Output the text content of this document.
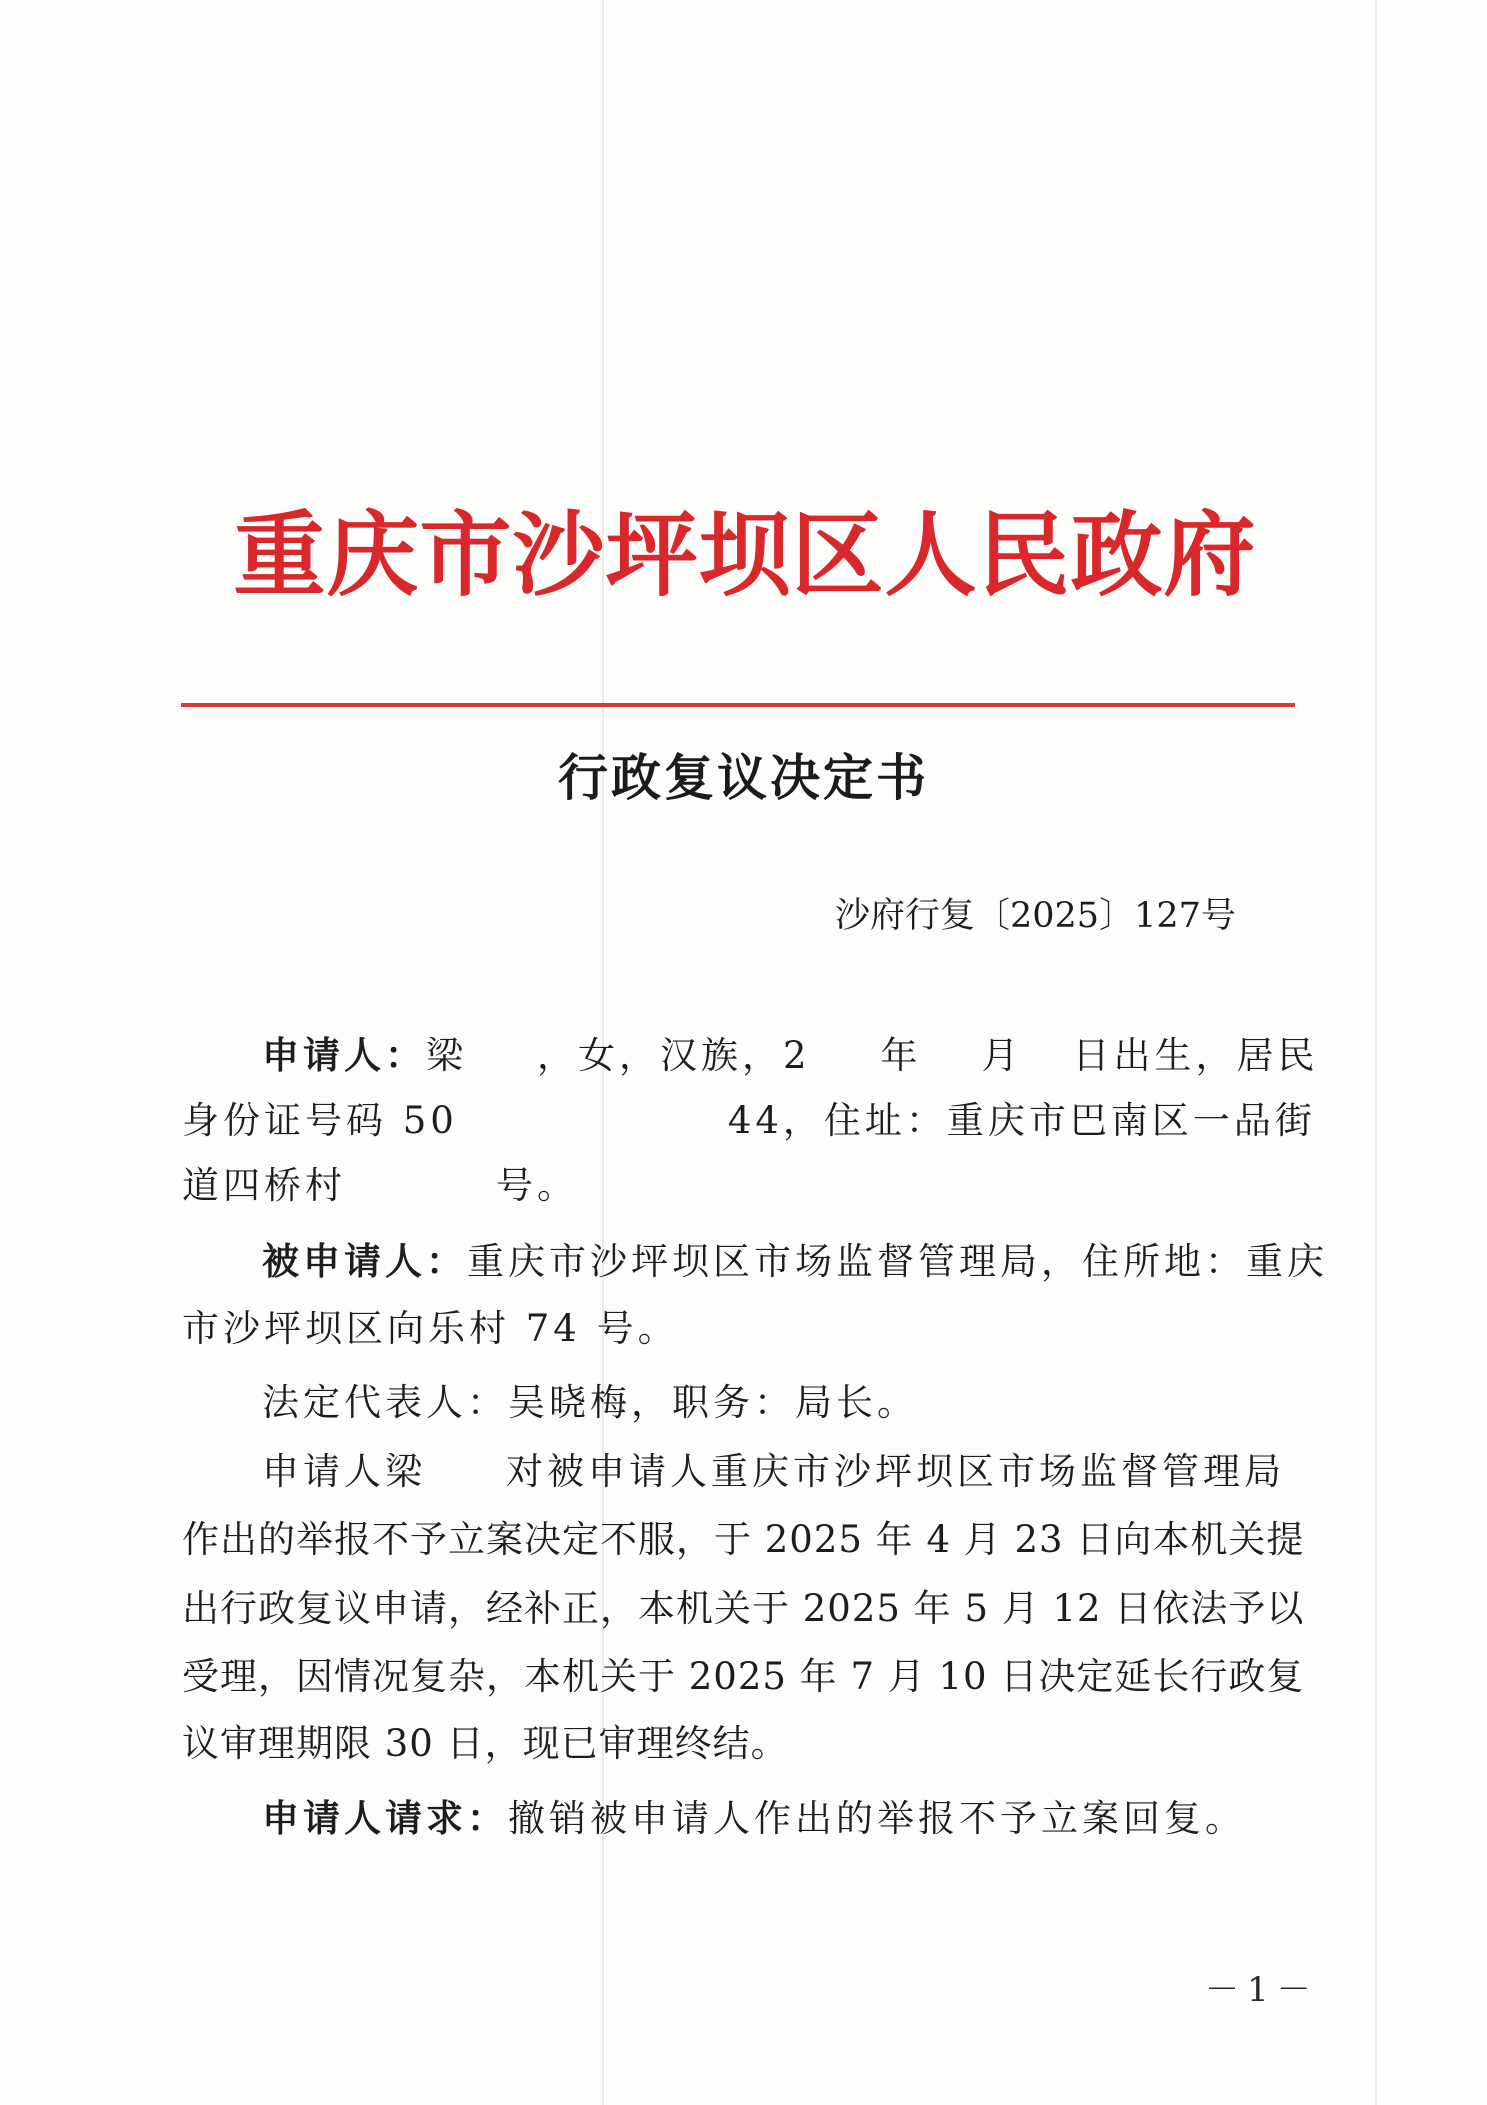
重庆市沙坪坝区人民政府
行政复议决定书
沙府行复〔2025〕127号
申请人：梁 ，女，汉族，2 年 月 日出生，居民
身份证号码 50	44，住址：重庆市巴南区一品街
道四桥村	号。
被申请人：重庆市沙坪坝区市场监督管理局，住所地：重庆
市沙坪坝区向乐村 74 号。
法定代表人：吴晓梅，职务：局长。
申请人梁 对被申请人重庆市沙坪坝区市场监督管理局
作出的举报不予立案决定不服，于 2025 年 4 月 23 日向本机关提
出行政复议申请，经补正，本机关于 2025 年 5 月 12 日依法予以
受理，因情况复杂，本机关于 2025 年 7 月 10 日决定延长行政复
议审理期限 30 日，现已审理终结。
申请人请求：撤销被申请人作出的举报不予立案回复。
－1－
